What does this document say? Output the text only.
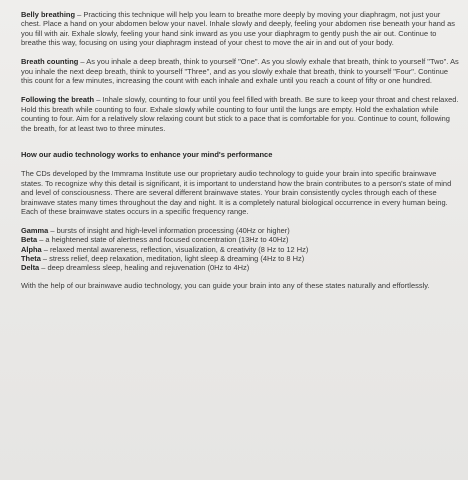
Belly breathing – Practicing this technique will help you learn to breathe more deeply by moving your diaphragm, not just your chest. Place a hand on your abdomen below your navel. Inhale slowly and deeply, feeling your abdomen rise beneath your hand as you fill with air. Exhale slowly, feeling your hand sink inward as you use your diaphragm to gently push the air out. Continue to breathe this way, focusing on using your diaphragm instead of your chest to move the air in and out of your body.

Breath counting – As you inhale a deep breath, think to yourself "One". As you slowly exhale that breath, think to yourself "Two". As you inhale the next deep breath, think to yourself "Three", and as you slowly exhale that breath, think to yourself "Four". Continue this count for a few minutes, increasing the count with each inhale and exhale until you reach a count of fifty or one hundred.

Following the breath – Inhale slowly, counting to four until you feel filled with breath. Be sure to keep your throat and chest relaxed. Hold this breath while counting to four. Exhale slowly while counting to four until the lungs are empty. Hold the exhalation while counting to four. Aim for a relatively slow relaxing count but stick to a pace that is comfortable for you. Continue to count, following the breath, for at least two to three minutes.

How our audio technology works to enhance your mind's performance

The CDs developed by the Immrama Institute use our proprietary audio technology to guide your brain into specific brainwave states. To recognize why this detail is significant, it is important to understand how the brain contributes to a person's state of mind and level of consciousness. There are several different brainwave states. Your brain consistently cycles through each of these brainwave states many times throughout the day and night. It is a completely natural biological occurrence in every human being. Each of these brainwave states occurs in a specific frequency range.

Gamma – bursts of insight and high-level information processing (40Hz or higher)
Beta – a heightened state of alertness and focused concentration (13Hz to 40Hz)
Alpha – relaxed mental awareness, reflection, visualization, & creativity (8 Hz to 12 Hz)
Theta – stress relief, deep relaxation, meditation, light sleep & dreaming (4Hz to 8 Hz)
Delta – deep dreamless sleep, healing and rejuvenation (0Hz to 4Hz)

With the help of our brainwave audio technology, you can guide your brain into any of these states naturally and effortlessly.
